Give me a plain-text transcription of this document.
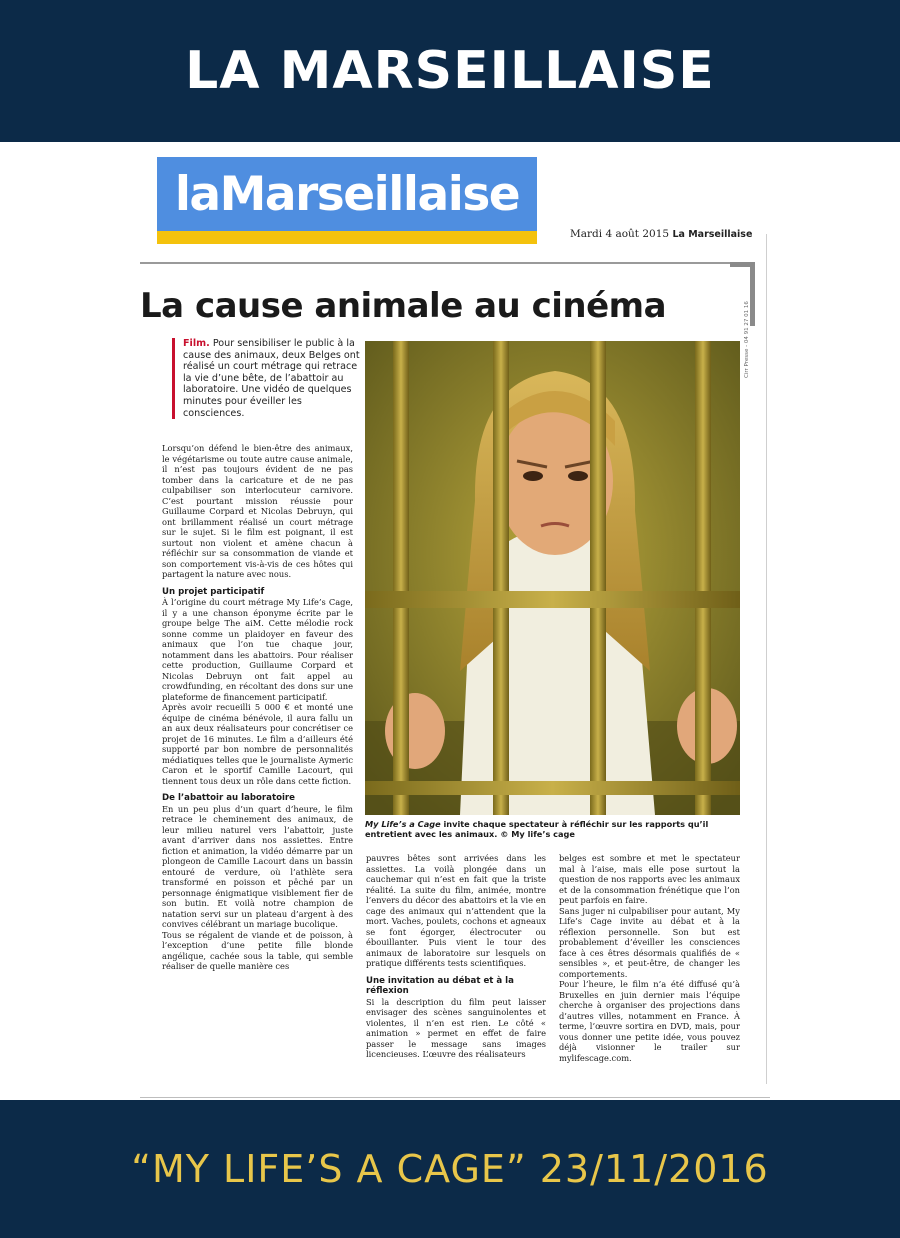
LA MARSEILLAISE
laMarseillaise
Mardi 4 août 2015 La Marseillaise
Cirr Presse - 04 91 27 01 16
La cause animale au cinéma
Film. Pour sensibiliser le public à la cause des animaux, deux Belges ont réalisé un court métrage qui retrace la vie d’une bête, de l’abattoir au laboratoire. Une vidéo de quelques minutes pour éveiller les consciences.

Lorsqu’on défend le bien-être des animaux, le végétarisme ou toute autre cause animale, il n’est pas toujours évident de ne pas tomber dans la caricature et de ne pas culpabiliser son interlocuteur carnivore. C’est pourtant mission réussie pour Guillaume Corpard et Nicolas Debruyn, qui ont brillamment réalisé un court métrage sur le sujet. Si le film est poignant, il est surtout non violent et amène chacun à réfléchir sur sa consommation de viande et son comportement vis-à-vis de ces hôtes qui partagent la nature avec nous.

Un projet participatif

À l’origine du court métrage My Life’s Cage, il y a une chanson éponyme écrite par le groupe belge The aiM. Cette mélodie rock sonne comme un plaidoyer en faveur des animaux que l’on tue chaque jour, notamment dans les abattoirs. Pour réaliser cette production, Guillaume Corpard et Nicolas Debruyn ont fait appel au crowdfunding, en récoltant des dons sur une plateforme de financement participatif.

Après avoir recueilli 5 000 € et monté une équipe de cinéma bénévole, il aura fallu un an aux deux réalisateurs pour concrétiser ce projet de 16 minutes. Le film a d’ailleurs été supporté par bon nombre de personnalités médiatiques telles que le journaliste Aymeric Caron et le sportif Camille Lacourt, qui tiennent tous deux un rôle dans cette fiction.

De l’abattoir au laboratoire

En un peu plus d’un quart d’heure, le film retrace le cheminement des animaux, de leur milieu naturel vers l’abattoir, juste avant d’arriver dans nos assiettes. Entre fiction et animation, la vidéo démarre par un plongeon de Camille Lacourt dans un bassin entouré de verdure, où l’athlète sera transformé en poisson et pêché par un personnage énigmatique visiblement fier de son butin. Et voilà notre champion de natation servi sur un plateau d’argent à des convives célébrant un mariage bucolique.

Tous se régalent de viande et de poisson, à l’exception d’une petite fille blonde angélique, cachée sous la table, qui semble réaliser de quelle manière ces

My Life’s a Cage invite chaque spectateur à réfléchir sur les rapports qu’il entretient avec les animaux. © My life’s cage

pauvres bêtes sont arrivées dans les assiettes. La voilà plongée dans un cauchemar qui n’est en fait que la triste réalité. La suite du film, animée, montre l’envers du décor des abattoirs et la vie en cage des animaux qui n’attendent que la mort. Vaches, poulets, cochons et agneaux se font égorger, électrocuter ou ébouillanter. Puis vient le tour des animaux de laboratoire sur lesquels on pratique différents tests scientifiques.

Une invitation au débat et à la réflexion

Si la description du film peut laisser envisager des scènes sanguinolentes et violentes, il n’en est rien. Le côté « animation » permet en effet de faire passer le message sans images licencieuses. L’œuvre des réalisateurs

belges est sombre et met le spectateur mal à l’aise, mais elle pose surtout la question de nos rapports avec les animaux et de la consommation frénétique que l’on peut parfois en faire.

Sans juger ni culpabiliser pour autant, My Life’s Cage invite au débat et à la réflexion personnelle. Son but est probablement d’éveiller les consciences face à ces êtres désormais qualifiés de « sensibles », et peut-être, de changer les comportements.

Pour l’heure, le film n’a été diffusé qu’à Bruxelles en juin dernier mais l’équipe cherche à organiser des projections dans d’autres villes, notamment en France. À terme, l’œuvre sortira en DVD, mais, pour vous donner une petite idée, vous pouvez déjà visionner le trailer sur mylifescage.com.

“MY LIFE’S A CAGE” 23/11/2016
